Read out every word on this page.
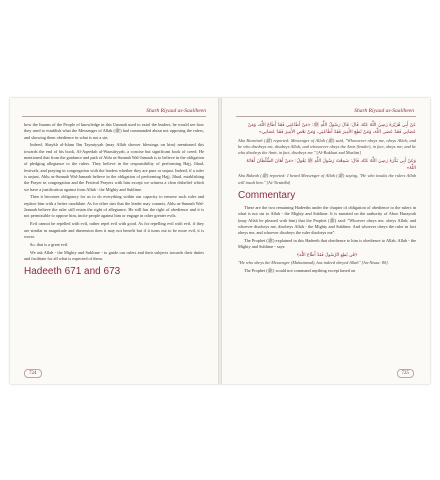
Sharh Riyaad as-Saaliheen

how the Imams of the People of knowledge in this Ummah used to extol the leaders; he would see how they used to establish what the Messenger of Allah (ﷺ) had commanded about not opposing the rulers, and showing them obedience in what is not a sin.

Indeed, Shaykh al-Islam Ibn Taymiyyah (may Allah shower blessings on him) mentioned this towards the end of his book, Al-Aqeedah al-Waasitiyyah, a concise but significant book of creed. He mentioned that from the guidance and path of Ahlu as-Sunnah Wal-Jamaah is to believe in the obligation of pledging allegiance to the rulers. They believe in the responsibility of performing Hajj, Jihad, festivals, and praying in congregation with the leaders whether they are pure or unjust. Indeed, if a ruler is unjust, Ahlu as-Sunnah Wal-Jamaah believe in the obligation of performing Hajj, Jihad, establishing the Prayer in congregation and the Festival Prayers with him except we witness a clear disbelief which we have a justification against from Allah - the Mighty and Sublime.

Then it becomes obligatory for us to do everything within our capacity to remove such ruler and replace him with a better candidate. As for other sins that the leader may commit, Ahlu as-Sunnah Wal-Jamaah believe the ruler still retain the right of allegiance. He still has the right of obedience and it is not permissible to oppose him, incite people against him or engage in other greater evils.

Evil cannot be repelled with evil, rather repel evil with good. As for repelling evil with evil, if they are similar in magnitude and dimension then it may not benefit but if it turns out to be more evil, it is worse.

So, that is a great evil.

We ask Allah - the Mighty and Sublime - to guide our rulers and their subjects towards their duties and facilitate for all what is expected of them.

Hadeeth 671 and 673
724
Sharh Riyaad as-Saaliheen
عَنْ أَبِي هُرَيْرَةَ رَضِيَ اللَّهُ عَنْهُ، قَالَ: قَالَ رَسُولُ اللَّهِ ﷺ: «مَنْ أَطَاعَنِي فَقَدْ أَطَاعَ اللَّهَ، وَمَنْ عَصَانِي فَقَدْ عَصَى اللَّهَ، وَمَنْ يُطِعِ الأَمِيرَ فَقَدْ أَطَاعَنِي، وَمَنْ يَعْصِ الأَمِيرَ فَقَدْ عَصَانِي»

Abu Hurairah (ﷺ) reported: Messenger of Allah (ﷺ) said, "Whosoever obeys me, obeys Allah; and he who disobeys me, disobeys Allah; and whosoever obeys the Amir (leader), in fact, obeys me; and he who disobeys the Amir, in fact, disobeys me." [Al-Bukhari and Muslim]

وَعَنْ أَبِي بَكْرَةَ رَضِيَ اللَّهُ عَنْهُ، قَالَ: سَمِعْتُ رَسُولَ اللَّهِ ﷺ يَقُولُ: «مَنْ أَهَانَ السُّلْطَانَ أَهَانَهُ اللَّهُ»

Abu Bakrah (ﷺ) reported: I heard Messenger of Allah (ﷺ) saying, "He who insults the rulers Allah will insult him." [At-Tirmidhi]

Commentary

These are the two remaining Hadeeths under the chapter of obligation of obedience to the rulers in what is not sin to Allah - the Mighty and Sublime. It is narrated on the authority of Aboo Hurayrah (may Allah be pleased with him) that the Prophet (ﷺ) said: "Whoever obeys me, obeys Allah; and whoever disobeys me, disobeys Allah - the Mighty and Sublime. And whoever obeys the ruler in fact obeys me, and whoever disobeys the ruler disobeys me".

The Prophet (ﷺ) explained in this Hadeeth that obedience to him is obedience to Allah. Allah - the Mighty and Sublime - says:

﴿مَّن يُطِعِ الرَّسُولَ فَقَدْ أَطَاعَ اللَّهَ﴾

"He who obeys the Messenger (Muhammad), has indeed obeyed Allah" [An-Nisaa: 80].

The Prophet (ﷺ) would not command anything except based on

725
